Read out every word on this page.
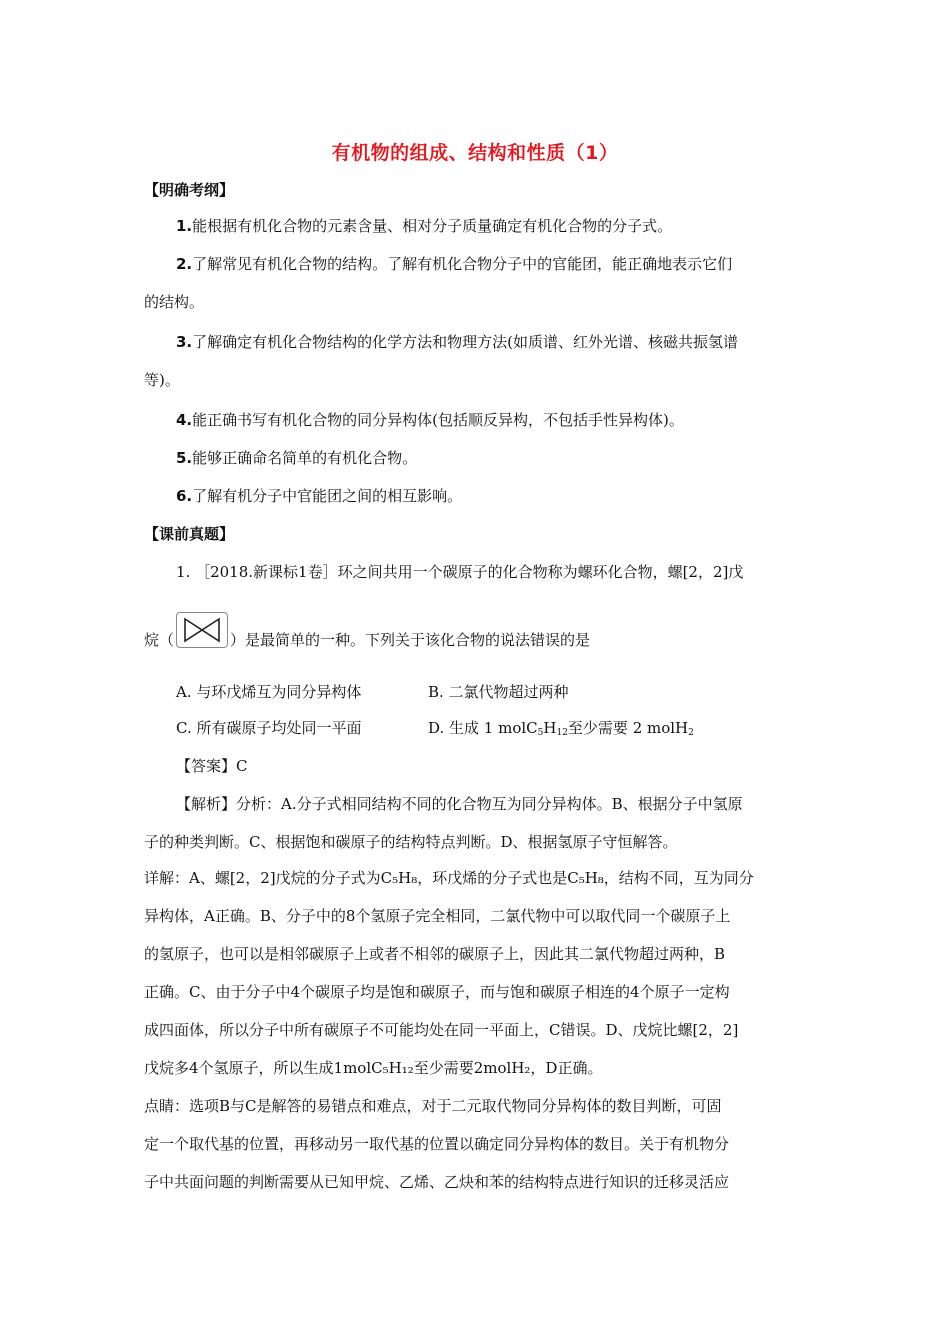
有机物的组成、结构和性质（1）
【明确考纲】
1.能根据有机化合物的元素含量、相对分子质量确定有机化合物的分子式。
2.了解常见有机化合物的结构。了解有机化合物分子中的官能团，能正确地表示它们
的结构。
3.了解确定有机化合物结构的化学方法和物理方法(如质谱、红外光谱、核磁共振氢谱
等)。
4.能正确书写有机化合物的同分异构体(包括顺反异构，不包括手性异构体)。
5.能够正确命名简单的有机化合物。
6.了解有机分子中官能团之间的相互影响。
【课前真题】
1. ［2018.新课标1卷］环之间共用一个碳原子的化合物称为螺环化合物，螺[2，2]戊
烷（	）是最简单的一种。下列关于该化合物的说法错误的是
A. 与环戊烯互为同分异构体	B. 二氯代物超过两种
C. 所有碳原子均处同一平面	D. 生成 1 $molC_5H_{12}$至少需要 2 molH$_2$
【答案】C
【解析】分析：A.分子式相同结构不同的化合物互为同分异构体。B、根据分子中氢原
子的种类判断。C、根据饱和碳原子的结构特点判断。D、根据氢原子守恒解答。
详解：A、螺[2，2]戊烷的分子式为C₅H₈，环戊烯的分子式也是C₅H₈，结构不同，互为同分
异构体，A正确。B、分子中的8个氢原子完全相同，二氯代物中可以取代同一个碳原子上
的氢原子，也可以是相邻碳原子上或者不相邻的碳原子上，因此其二氯代物超过两种，B
正确。C、由于分子中4个碳原子均是饱和碳原子，而与饱和碳原子相连的4个原子一定构
成四面体，所以分子中所有碳原子不可能均处在同一平面上，C错误。D、戊烷比螺[2，2]
戊烷多4个氢原子，所以生成1molC₅H₁₂至少需要2molH₂，D正确。
点睛：选项B与C是解答的易错点和难点，对于二元取代物同分异构体的数目判断，可固
定一个取代基的位置，再移动另一取代基的位置以确定同分异构体的数目。关于有机物分
子中共面问题的判断需要从已知甲烷、乙烯、乙炔和苯的结构特点进行知识的迁移灵活应
